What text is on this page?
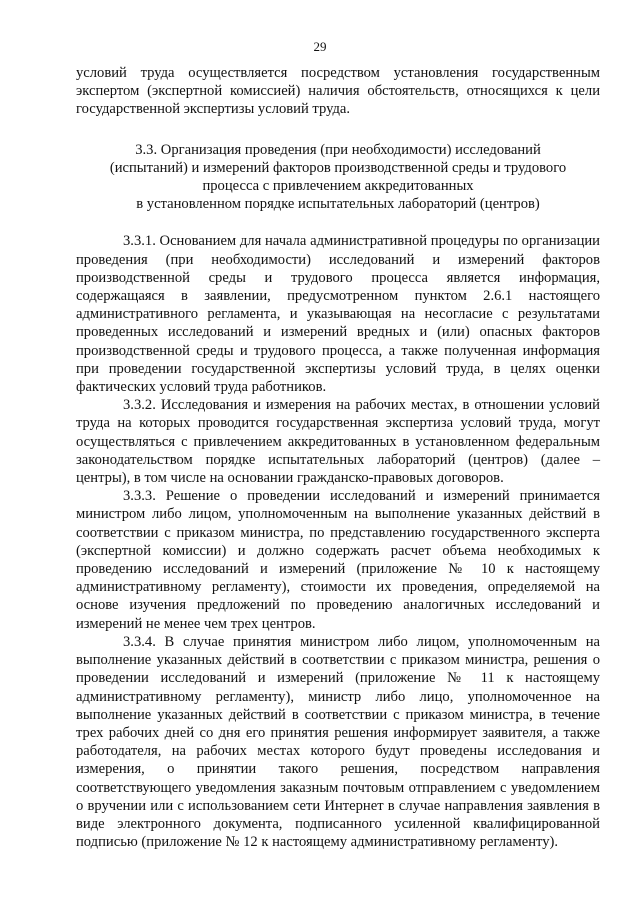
29

условий труда осуществляется посредством установления государственным экспертом (экспертной комиссией) наличия обстоятельств, относящихся к цели государственной экспертизы условий труда.

3.3. Организация проведения (при необходимости) исследований
(испытаний) и измерений факторов производственной среды и трудового
процесса с привлечением аккредитованных
в установленном порядке испытательных лабораторий (центров)

3.3.1. Основанием для начала административной процедуры по организации проведения (при необходимости) исследований и измерений факторов производственной среды и трудового процесса является информация, содержащаяся в заявлении, предусмотренном пунктом 2.6.1 настоящего административного регламента, и указывающая на несогласие с результатами проведенных исследований и измерений вредных и (или) опасных факторов производственной среды и трудового процесса, а также полученная информация при проведении государственной экспертизы условий труда, в целях оценки фактических условий труда работников.

3.3.2. Исследования и измерения на рабочих местах, в отношении условий труда на которых проводится государственная экспертиза условий труда, могут осуществляться с привлечением аккредитованных в установленном федеральным законодательством порядке испытательных лабораторий (центров) (далее – центры), в том числе на основании гражданско-правовых договоров.

3.3.3. Решение о проведении исследований и измерений принимается министром либо лицом, уполномоченным на выполнение указанных действий в соответствии с приказом министра, по представлению государственного эксперта (экспертной комиссии) и должно содержать расчет объема необходимых к проведению исследований и измерений (приложение № 10 к настоящему административному регламенту), стоимости их проведения, определяемой на основе изучения предложений по проведению аналогичных исследований и измерений не менее чем трех центров.

3.3.4. В случае принятия министром либо лицом, уполномоченным на выполнение указанных действий в соответствии с приказом министра, решения о проведении исследований и измерений (приложение № 11 к настоящему административному регламенту), министр либо лицо, уполномоченное на выполнение указанных действий в соответствии с приказом министра, в течение трех рабочих дней со дня его принятия решения информирует заявителя, а также работодателя, на рабочих местах которого будут проведены исследования и измерения, о принятии такого решения, посредством направления соответствующего уведомления заказным почтовым отправлением с уведомлением о вручении или с использованием сети Интернет в случае направления заявления в виде электронного документа, подписанного усиленной квалифицированной подписью (приложение № 12 к настоящему административному регламенту).
